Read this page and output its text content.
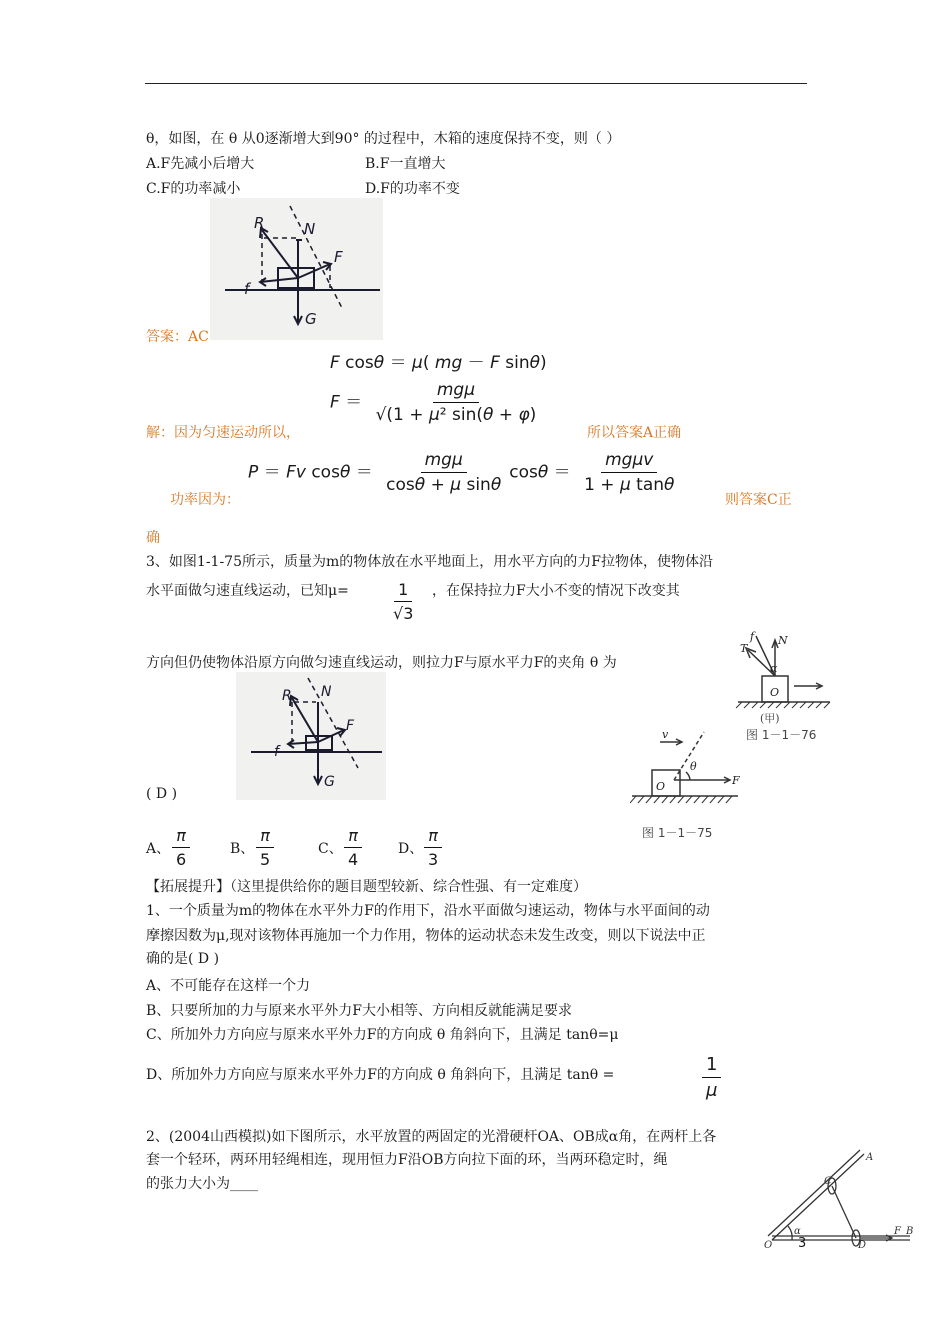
θ，如图，在 θ 从0逐渐增大到90° 的过程中，木箱的速度保持不变，则（ ）
A.F先减小后增大	B.F一直增大
C.F的功率减小	D.F的功率不变
R	N
F
f
G
答案：AC
F cosθ ＝ μ( mg － F sinθ)
$F = \frac{\text{mgμ}}{\text{√(1 + μ² sin(θ + φ)}}$
解：因为匀速运动所以，	所以答案A正确
P ＝ Fv $\cos\theta = \frac{\text{mgμ}}{\text{cosθ + μ sinθ}}$ $\cos\theta = \frac{\text{mgμv}}{\text{1 + μ tanθ}}$
功率因为：	则答案C正
确
3、如图1-1-75所示，质量为m的物体放在水平地面上，用水平方向的力F拉物体，使物体沿
水平面做匀速直线运动，已知μ=	$\frac{1}{√3}$ ，在保持拉力F大小不变的情况下改变其
方向但仍使物体沿原方向做匀速直线运动，则拉力F与原水平力F的夹角 θ 为
R N
F
f
G
( D )
T
f N
α
O
(甲)
图 1－1－76
v
θ
F
O
图 1－1－75
A、 $\frac{\pi}{6}$	B、 $\frac{\pi}{5}$	C、 $\frac{\pi}{4}$	D、 $\frac{\pi}{3}$
【拓展提升】（这里提供给你的题目题型较新、综合性强、有一定难度）
1、一个质量为m的物体在水平外力F的作用下，沿水平面做匀速运动，物体与水平面间的动
摩擦因数为μ,现对该物体再施加一个力作用，物体的运动状态未发生改变，则以下说法中正
确的是( D )
A、不可能存在这样一个力
B、只要所加的力与原来水平外力F大小相等、方向相反就能满足要求
C、所加外力方向应与原来水平外力F的方向成 θ 角斜向下，且满足 tanθ=μ
D、所加外力方向应与原来水平外力F的方向成 θ 角斜向下，且满足 tanθ =	$\frac{1}{\mu}$
2、(2004山西模拟)如下图所示，水平放置的两固定的光滑硬杆OA、OB成α角，在两杆上各
套一个轻环，两环用轻绳相连，现用恒力F沿OB方向拉下面的环，当两环稳定时，绳
的张力大小为____
A
C
α
D
F B
O 3
